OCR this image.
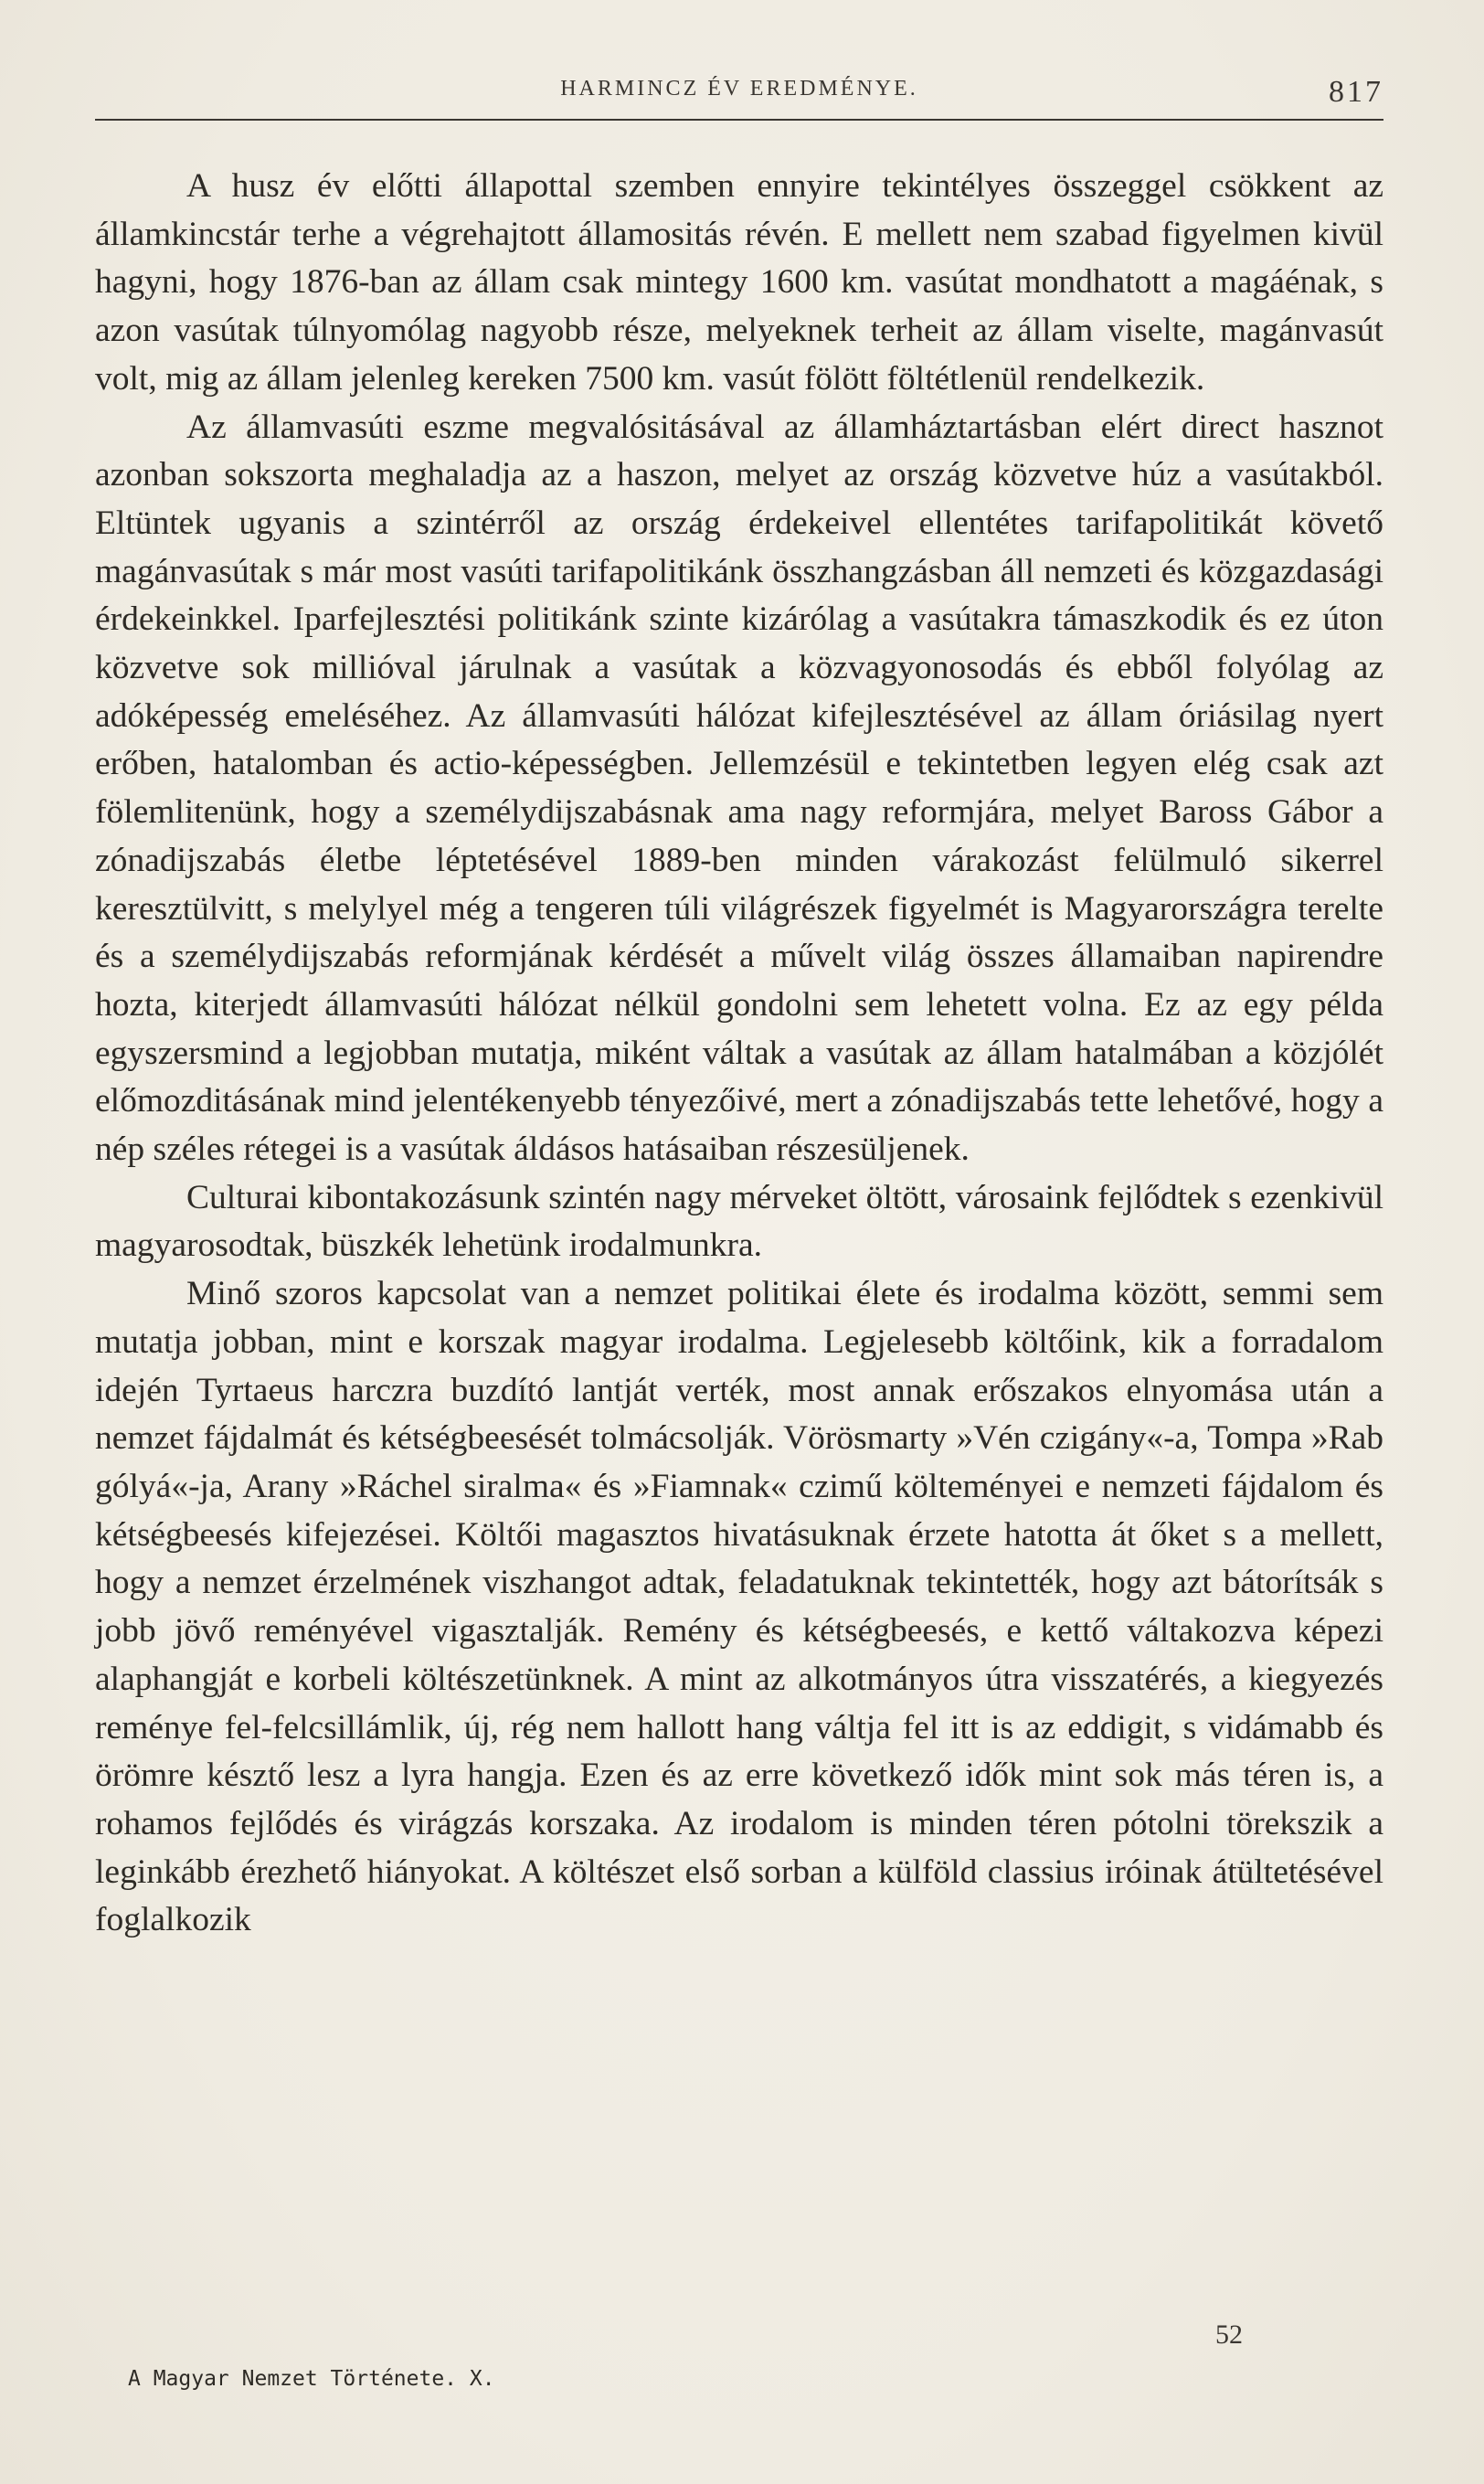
HARMINCZ ÉV EREDMÉNYE.	817

A husz év előtti állapottal szemben ennyire tekintélyes összeggel csökkent az államkincstár terhe a végrehajtott államositás révén. E mellett nem szabad figyelmen kivül hagyni, hogy 1876-ban az állam csak mintegy 1600 km. vasútat mondhatott a magáénak, s azon vasútak túlnyomólag nagyobb része, melyeknek terheit az állam viselte, magánvasút volt, mig az állam jelenleg kereken 7500 km. vasút fölött föltétlenül rendelkezik.

Az államvasúti eszme megvalósitásával az államháztartásban elért direct hasznot azonban sokszorta meghaladja az a haszon, melyet az ország közvetve húz a vasútakból. Eltüntek ugyanis a szintérről az ország érdekeivel ellentétes tarifapolitikát követő magánvasútak s már most vasúti tarifapolitikánk összhangzásban áll nemzeti és közgazdasági érdekeinkkel. Iparfejlesztési politikánk szinte kizárólag a vasútakra támaszkodik és ez úton közvetve sok millióval járulnak a vasútak a közvagyonosodás és ebből folyólag az adóképesség emeléséhez. Az államvasúti hálózat kifejlesztésével az állam óriásilag nyert erőben, hatalomban és actio-képességben. Jellemzésül e tekintetben legyen elég csak azt fölemlitenünk, hogy a személydijszabásnak ama nagy reformjára, melyet Baross Gábor a zónadijszabás életbe léptetésével 1889-ben minden várakozást felülmuló sikerrel keresztülvitt, s melylyel még a tengeren túli világrészek figyelmét is Magyarországra terelte és a személydijszabás reformjának kérdését a művelt világ összes államaiban napirendre hozta, kiterjedt államvasúti hálózat nélkül gondolni sem lehetett volna. Ez az egy példa egyszersmind a legjobban mutatja, miként váltak a vasútak az állam hatalmában a közjólét előmozditásának mind jelentékenyebb tényezőivé, mert a zónadijszabás tette lehetővé, hogy a nép széles rétegei is a vasútak áldásos hatásaiban részesüljenek.

Culturai kibontakozásunk szintén nagy mérveket öltött, városaink fejlődtek s ezenkivül magyarosodtak, büszkék lehetünk irodalmunkra.

Minő szoros kapcsolat van a nemzet politikai élete és irodalma között, semmi sem mutatja jobban, mint e korszak magyar irodalma. Legjelesebb költőink, kik a forradalom idején Tyrtaeus harczra buzdító lantját verték, most annak erőszakos elnyomása után a nemzet fájdalmát és kétségbeesését tolmácsolják. Vörösmarty »Vén czigány«-a, Tompa »Rab gólyá«-ja, Arany »Ráchel siralma« és »Fiamnak« czimű költeményei e nemzeti fájdalom és kétségbeesés kifejezései. Költői magasztos hivatásuknak érzete hatotta át őket s a mellett, hogy a nemzet érzelmének viszhangot adtak, feladatuknak tekintették, hogy azt bátorítsák s jobb jövő reményével vigasztalják. Remény és kétségbeesés, e kettő váltakozva képezi alaphangját e korbeli költészetünknek. A mint az alkotmányos útra visszatérés, a kiegyezés reménye fel-felcsillámlik, új, rég nem hallott hang váltja fel itt is az eddigit, s vidámabb és örömre késztő lesz a lyra hangja. Ezen és az erre következő idők mint sok más téren is, a rohamos fejlődés és virágzás korszaka. Az irodalom is minden téren pótolni törekszik a leginkább érezhető hiányokat. A költészet első sorban a külföld classius iróinak átültetésével foglalkozik

A Magyar Nemzet Története. X.
52
